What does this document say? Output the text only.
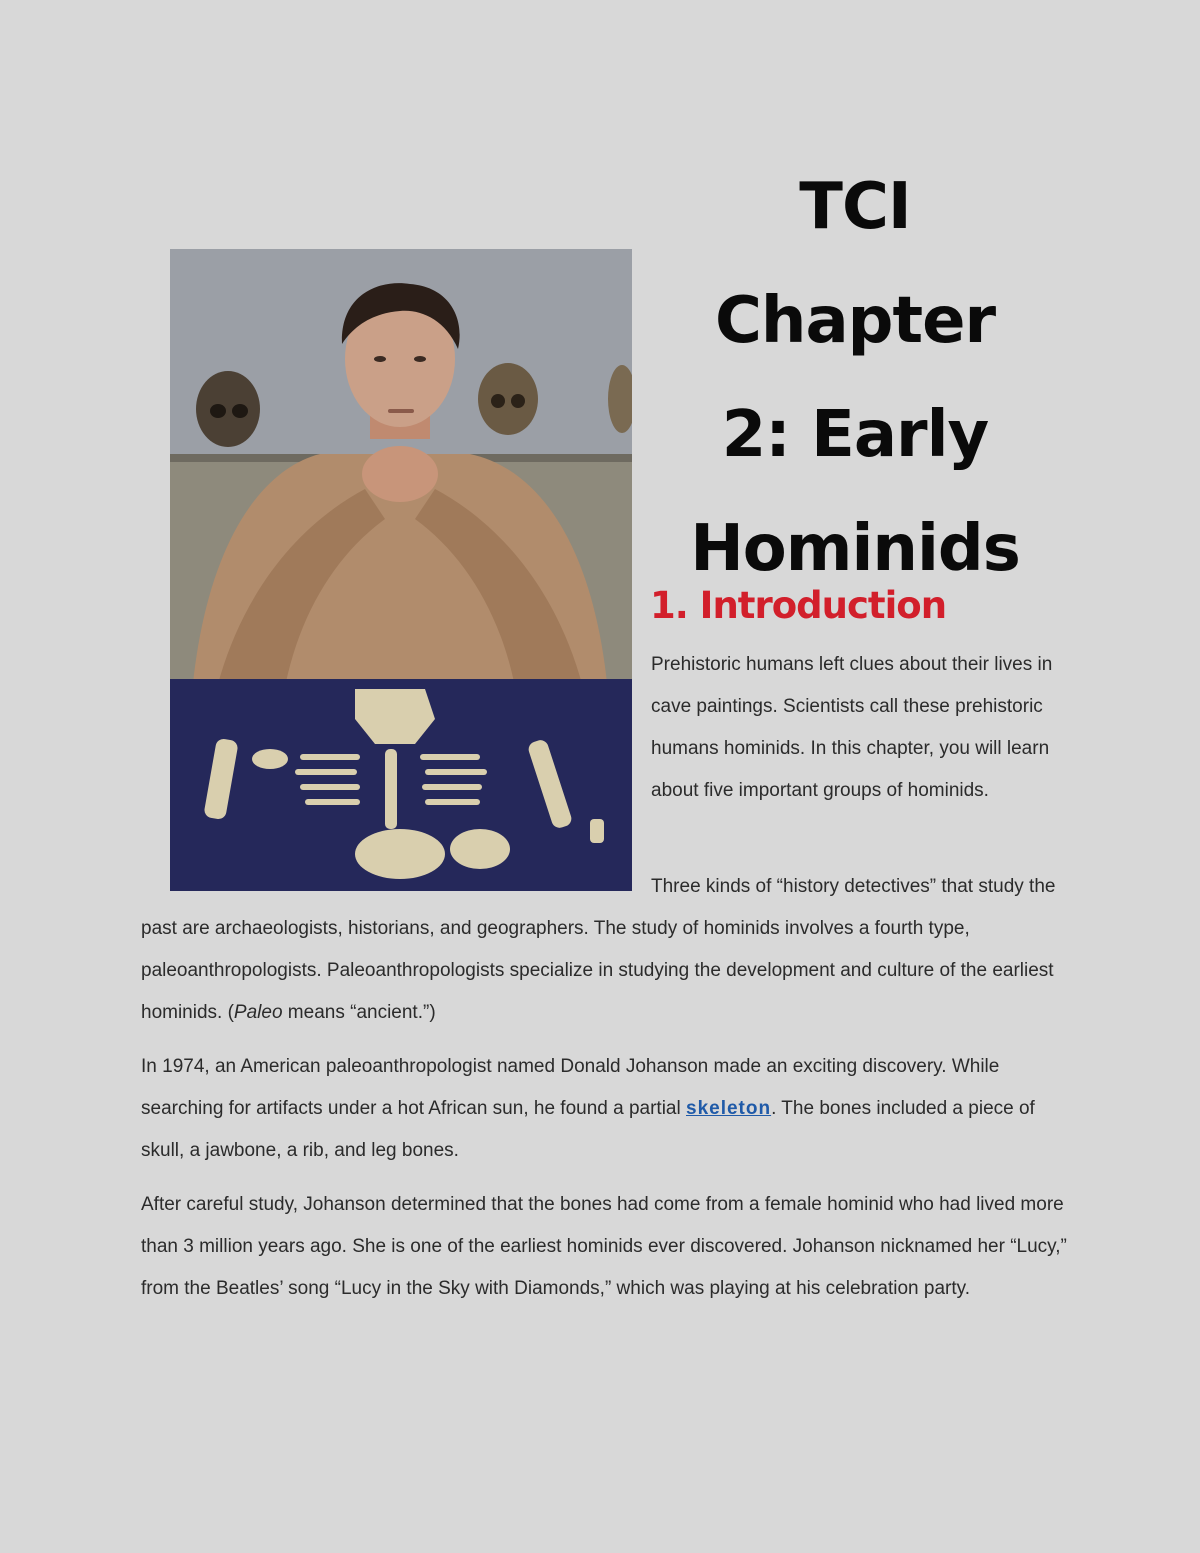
TCI Chapter
2: Early
Hominids
1. Introduction

Prehistoric humans left clues about their lives in cave paintings. Scientists call these prehistoric humans hominids. In this chapter, you will learn about five important groups of hominids.

Three kinds of “history detectives” that study the past are archaeologists, historians, and geographers. The study of hominids involves a fourth type, paleoanthropologists. Paleoanthropologists specialize in studying the development and culture of the earliest hominids. (Paleo means “ancient.”)

In 1974, an American paleoanthropologist named Donald Johanson made an exciting discovery. While searching for artifacts under a hot African sun, he found a partial skeleton. The bones included a piece of skull, a jawbone, a rib, and leg bones.

After careful study, Johanson determined that the bones had come from a female hominid who had lived more than 3 million years ago. She is one of the earliest hominids ever discovered. Johanson nicknamed her “Lucy,” from the Beatles’ song “Lucy in the Sky with Diamonds,” which was playing at his celebration party.
